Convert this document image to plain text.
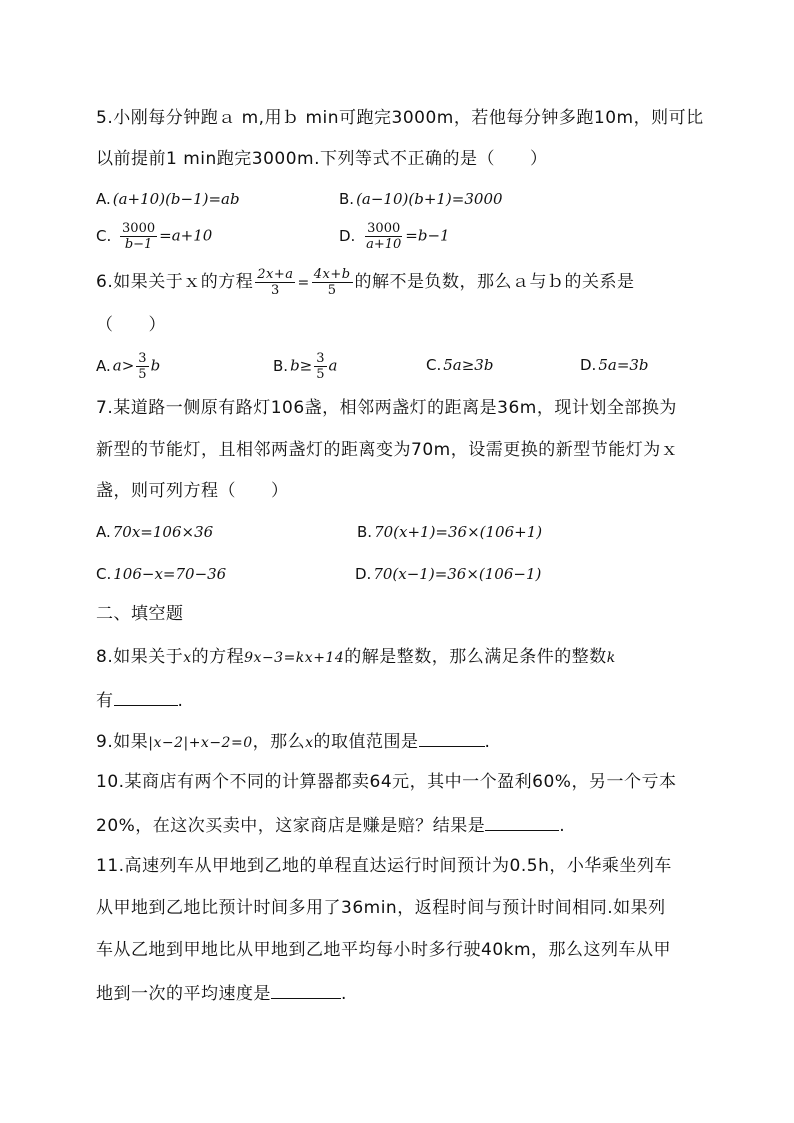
5.小刚每分钟跑ａ m,用ｂ min可跑完3000m，若他每分钟多跑10m，则可比
以前提前1 min跑完3000m.下列等式不正确的是（　　）
A. (a+10)(b−1)=ab	B. (a−10)(b+1)=3000
C. $\frac{3000}{b-1} =a+10$	D. $\frac{3000}{a+10} =b-1$
6.如果关于ｘ的方程 $\frac{2x+a}{3} = \frac{4x+b}{5}$ 的解不是负数，那么ａ与ｂ的关系是
（　　）
A. $a> \frac{3}{5}$ b	B. $b\ge \frac{3}{5}$ a	C. 5a≥3b	D. 5a=3b
7.某道路一侧原有路灯106盏，相邻两盏灯的距离是36m，现计划全部换为
新型的节能灯，且相邻两盏灯的距离变为70m，设需更换的新型节能灯为ｘ
盏，则可列方程（　　）
A. 70x=106×36	B. 70(x+1)=36×(106+1)
C. 106−x=70−36	D. 70(x−1)=36×(106−1)
二、填空题
8.如果关于x的方程9x−3=kx+14的解是整数，那么满足条件的整数k
有	.
9.如果|x−2|+x−2=0，那么x的取值范围是	.
10.某商店有两个不同的计算器都卖64元，其中一个盈利60%，另一个亏本
20%，在这次买卖中，这家商店是赚是赔？结果是	.
11.高速列车从甲地到乙地的单程直达运行时间预计为0.5h，小华乘坐列车
从甲地到乙地比预计时间多用了36min，返程时间与预计时间相同.如果列
车从乙地到甲地比从甲地到乙地平均每小时多行驶40km，那么这列车从甲
地到一次的平均速度是	.
